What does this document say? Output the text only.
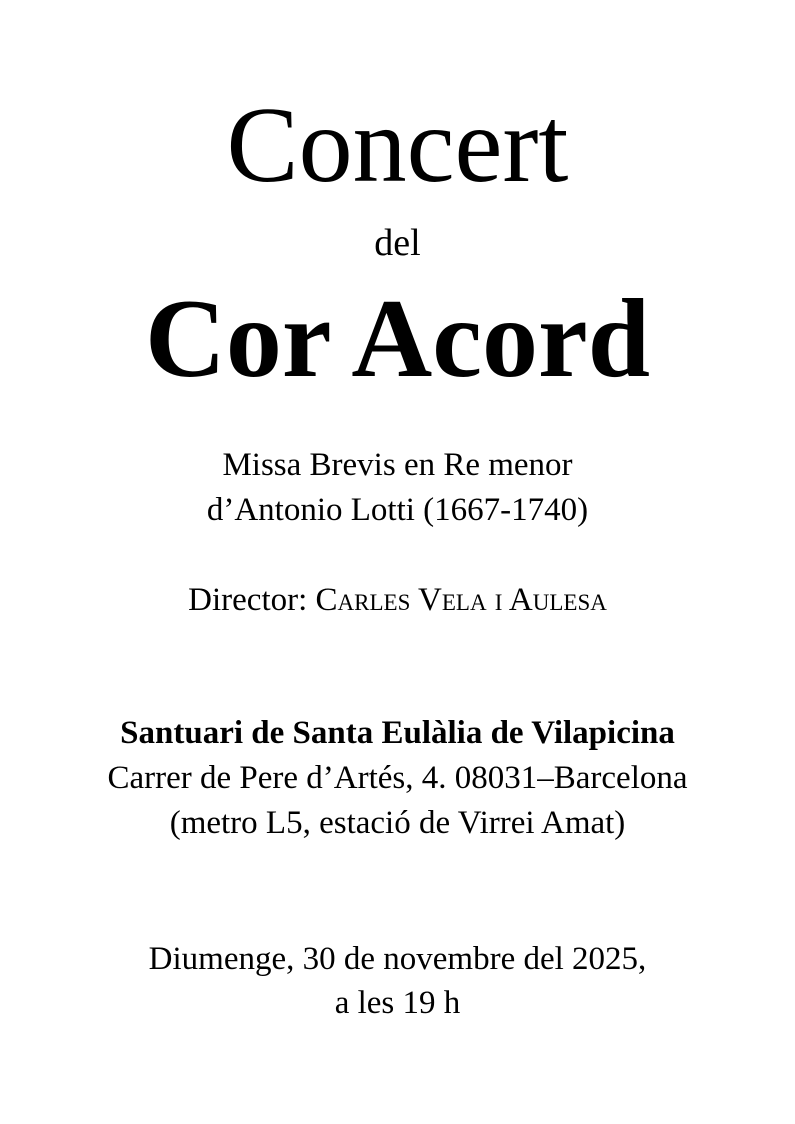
Concert
del
Cor Acord
Missa Brevis en Re menor
d’Antonio Lotti (1667-1740)
Director: Carles Vela i Aulesa
Santuari de Santa Eulàlia de Vilapicina
Carrer de Pere d’Artés, 4. 08031–Barcelona
(metro L5, estació de Virrei Amat)
Diumenge, 30 de novembre del 2025,
a les 19 h
